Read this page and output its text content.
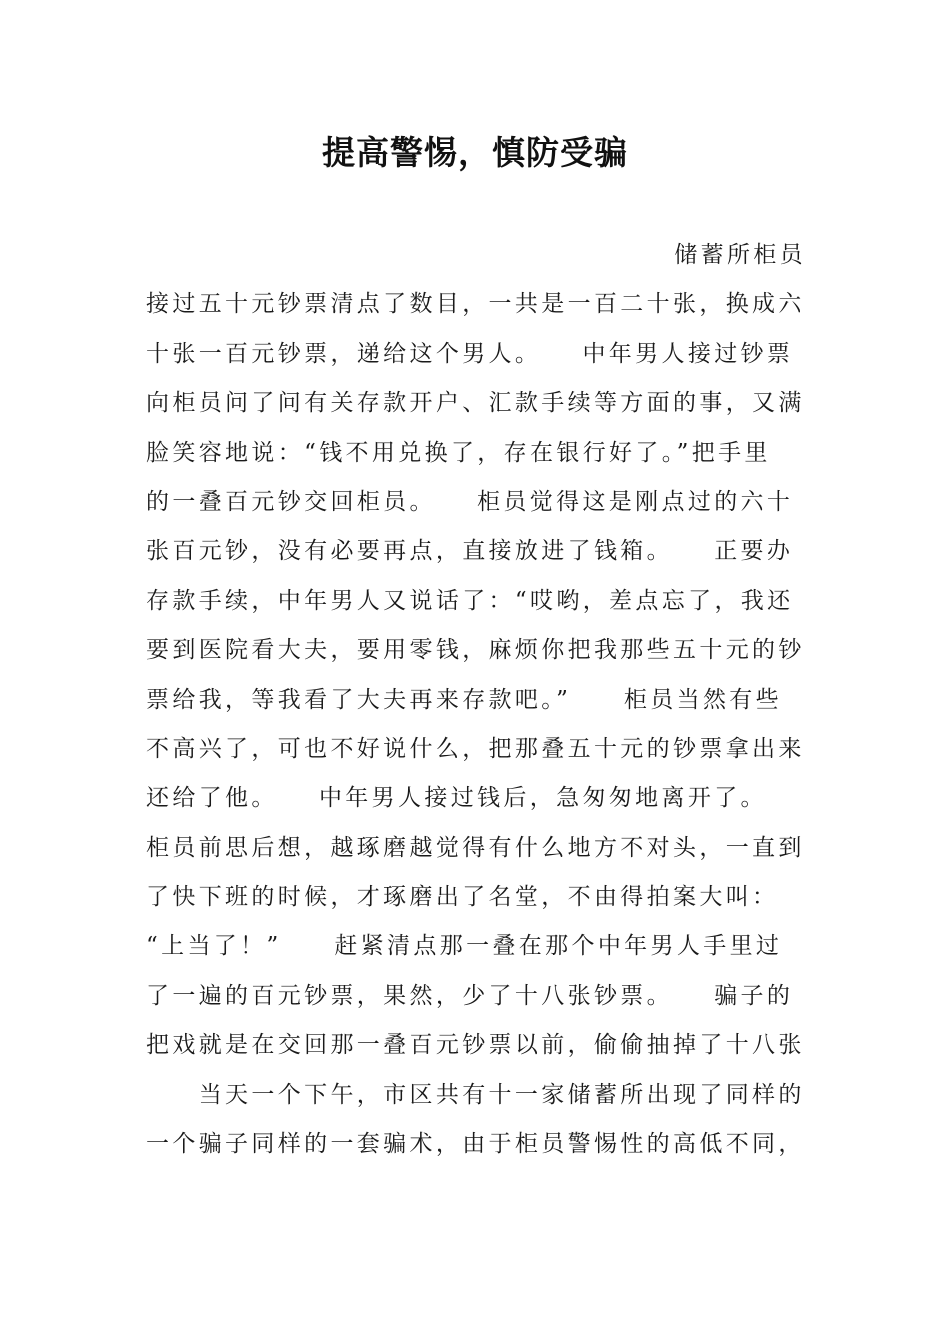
提高警惕，慎防受骗
储蓄所柜员
接过五十元钞票清点了数目，一共是一百二十张，换成六
十张一百元钞票，递给这个男人。　　中年男人接过钞票
向柜员问了问有关存款开户、汇款手续等方面的事，又满
脸笑容地说：“钱不用兑换了，存在银行好了。”把手里
的一叠百元钞交回柜员。　　柜员觉得这是刚点过的六十
张百元钞，没有必要再点，直接放进了钱箱。　　正要办
存款手续，中年男人又说话了：“哎哟，差点忘了，我还
要到医院看大夫，要用零钱，麻烦你把我那些五十元的钞
票给我，等我看了大夫再来存款吧。”　　柜员当然有些
不高兴了，可也不好说什么，把那叠五十元的钞票拿出来
还给了他。　　中年男人接过钱后，急匆匆地离开了。
柜员前思后想，越琢磨越觉得有什么地方不对头，一直到
了快下班的时候，才琢磨出了名堂，不由得拍案大叫：
“上当了！”　　赶紧清点那一叠在那个中年男人手里过
了一遍的百元钞票，果然，少了十八张钞票。　　骗子的
把戏就是在交回那一叠百元钞票以前，偷偷抽掉了十八张
　　当天一个下午，市区共有十一家储蓄所出现了同样的
一个骗子同样的一套骗术，由于柜员警惕性的高低不同，
